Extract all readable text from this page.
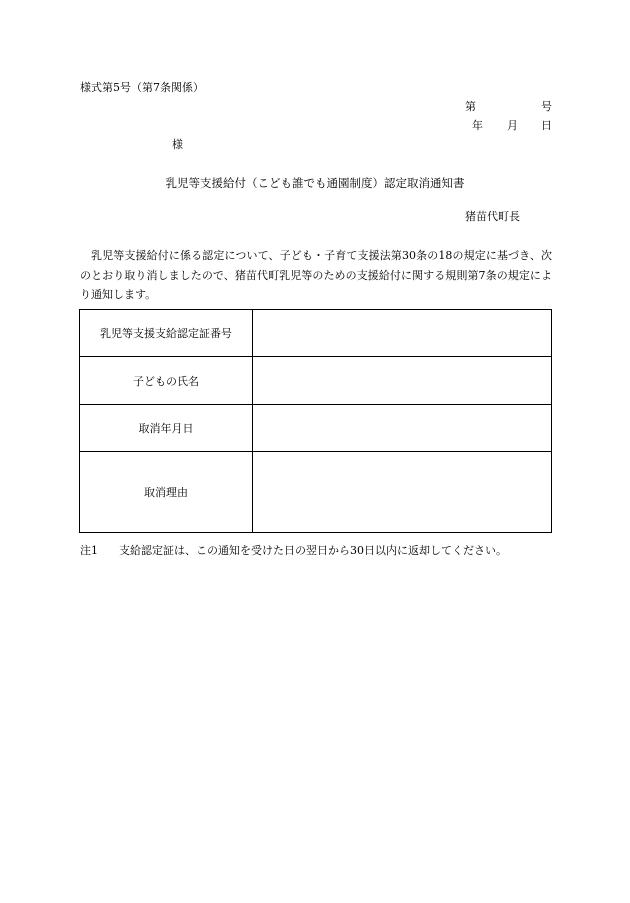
様式第5号（第7条関係）
第	号
年 月 日
様
乳児等支援給付（こども誰でも通園制度）認定取消通知書
猪苗代町長
乳児等支援給付に係る認定について、子ども・子育て支援法第30条の18の規定に基づき、次のとおり取り消しましたので、猪苗代町乳児等のための支援給付に関する規則第7条の規定により通知します。
乳児等支援支給認定証番号	
子どもの氏名	
取消年月日	
取消理由	
注1 支給認定証は、この通知を受けた日の翌日から30日以内に返却してください。
